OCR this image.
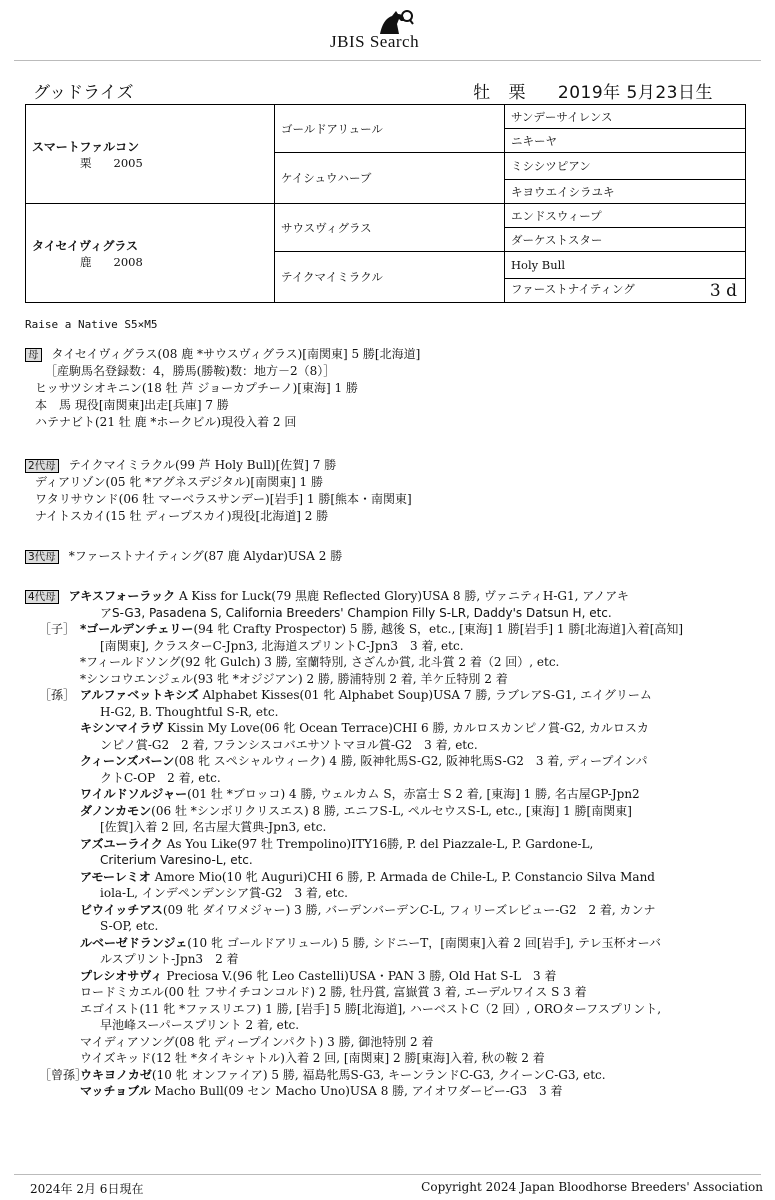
JBIS Search
グッドライズ	牡 栗 2019年 5月23日生
スマートファルコン
栗 2005	ゴールドアリュール	サンデーサイレンス
		ニキーヤ
	ケイシュウハーブ	ミシシツピアン
		キヨウエイシラユキ

タイセイヴィグラス
鹿 2008	サウスヴィグラス	エンドスウィープ
		ダーケストスター
	テイクマイミラクル	Holy Bull
		ファーストナイティング 3 d
Raise a Native S5×M5
母 タイセイヴィグラス(08 鹿 *サウスヴィグラス)[南関東] 5 勝[北海道]
［産駒馬名登録数：4，勝馬(勝鞍)数：地方－2（8）］
ヒッサツシオキニン(18 牡 芦 ジョーカプチーノ)[東海] 1 勝
本　馬 現役[南関東]出走[兵庫] 7 勝
ハテナビト(21 牡 鹿 *ホークビル)現役入着 2 回
2代母 テイクマイミラクル(99 芦 Holy Bull)[佐賀] 7 勝
ディアリゾン(05 牝 *アグネスデジタル)[南関東] 1 勝
ワタリサウンド(06 牡 マーベラスサンデー)[岩手] 1 勝[熊本・南関東]
ナイトスカイ(15 牡 ディープスカイ)現役[北海道] 2 勝
3代母 *ファーストナイティング(87 鹿 Alydar)USA 2 勝
4代母 アキスフォーラック A Kiss for Luck(79 黒鹿 Reflected Glory)USA 8 勝, ヴァニティH-G1, アノアキ
アS-G3, Pasadena S, California Breeders' Champion Filly S-LR, Daddy's Datsun H, etc.
［子］ *ゴールデンチェリー(94 牝 Crafty Prospector) 5 勝, 越後 S，etc., [東海] 1 勝[岩手] 1 勝[北海道]入着[高知]
[南関東], クラスターC-Jpn3, 北海道スプリントC-Jpn3　3 着, etc.
*フィールドソング(92 牝 Gulch) 3 勝, 室蘭特別, さざんか賞, 北斗賞 2 着（2 回）, etc.
*シンコウエンジェル(93 牝 *オジジアン) 2 勝, 勝浦特別 2 着, 羊ケ丘特別 2 着
［孫］ アルファベットキシズ Alphabet Kisses(01 牝 Alphabet Soup)USA 7 勝, ラブレアS-G1, エイグリーム
H-G2, B. Thoughtful S-R, etc.
キシンマイラヴ Kissin My Love(06 牝 Ocean Terrace)CHI 6 勝, カルロスカンピノ賞-G2, カルロスカ
ンピノ賞-G2　2 着, フランシスコバエサソトマヨル賞-G2　3 着, etc.
クィーンズバーン(08 牝 スペシャルウィーク) 4 勝, 阪神牝馬S-G2, 阪神牝馬S-G2　3 着, ディープインパ
クトC-OP　2 着, etc.
ワイルドソルジャー(01 牡 *ブロッコ) 4 勝, ウェルカム S，赤富士 S 2 着, [東海] 1 勝, 名古屋GP-Jpn2
ダノンカモン(06 牡 *シンボリクリスエス) 8 勝, エニフS-L, ペルセウスS-L, etc., [東海] 1 勝[南関東]
[佐賀]入着 2 回, 名古屋大賞典-Jpn3, etc.
アズユーライク As You Like(97 牡 Trempolino)ITY16勝, P. del Piazzale-L, P. Gardone-L,
Criterium Varesino-L, etc.
アモーレミオ Amore Mio(10 牝 Auguri)CHI 6 勝, P. Armada de Chile-L, P. Constancio Silva Mand
iola-L, インデペンデンシア賞-G2　3 着, etc.
ビウイッチアス(09 牝 ダイワメジャー) 3 勝, バーデンバーデンC-L, フィリーズレビュー-G2　2 着, カンナ
S-OP, etc.
ルベーゼドランジェ(10 牝 ゴールドアリュール) 5 勝, シドニーT，[南関東]入着 2 回[岩手], テレ玉杯オーバ
ルスプリント-Jpn3　2 着
プレシオサヴィ Preciosa V.(96 牝 Leo Castelli)USA・PAN 3 勝, Old Hat S-L　3 着
ロードミカエル(00 牡 フサイチコンコルド) 2 勝, 牡丹賞, 富嶽賞 3 着, エーデルワイス S 3 着
エゴイスト(11 牝 *ファスリエフ) 1 勝, [岩手] 5 勝[北海道], ハーベストC（2 回）, OROターフスプリント,
早池峰スーパースプリント 2 着, etc.
マイディアソング(08 牝 ディープインパクト) 3 勝, 御池特別 2 着
ウイズキッド(12 牡 *タイキシャトル)入着 2 回, [南関東] 2 勝[東海]入着, 秋の鞍 2 着
［曾孫］ウキヨノカゼ(10 牝 オンファイア) 5 勝, 福島牝馬S-G3, キーンランドC-G3, クイーンC-G3, etc.
マッチョブル Macho Bull(09 セン Macho Uno)USA 8 勝, アイオワダービー-G3　3 着
2024年 2月 6日現在	Copyright 2024 Japan Bloodhorse Breeders' Association
